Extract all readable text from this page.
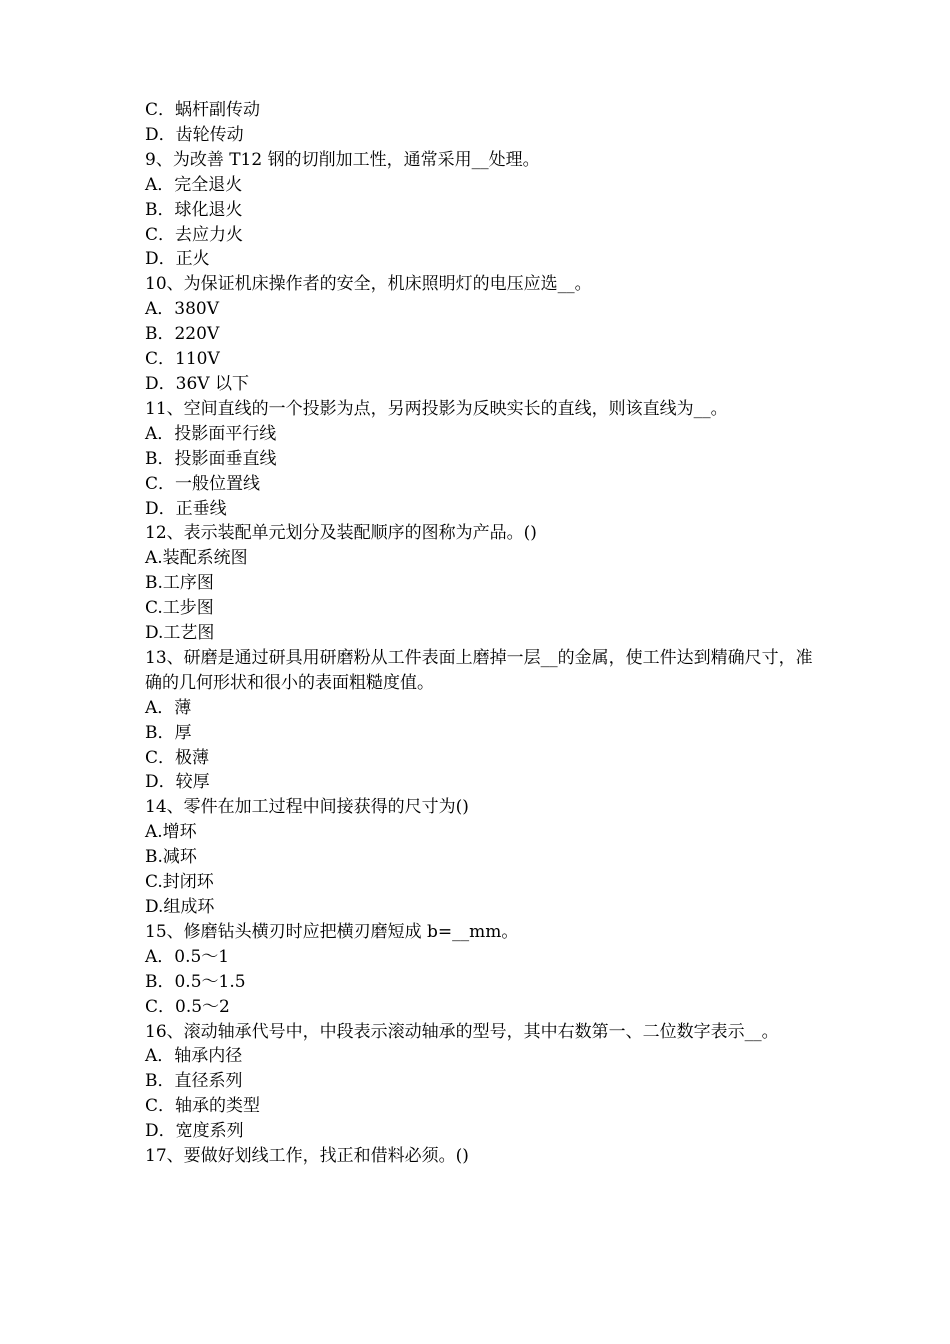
C．蜗杆副传动
D．齿轮传动
9、为改善 T12 钢的切削加工性，通常采用__处理。
A．完全退火
B．球化退火
C．去应力火
D．正火
10、为保证机床操作者的安全，机床照明灯的电压应选__。
A．380V
B．220V
C．110V
D．36V 以下
11、空间直线的一个投影为点，另两投影为反映实长的直线，则该直线为__。
A．投影面平行线
B．投影面垂直线
C．一般位置线
D．正垂线
12、表示装配单元划分及装配顺序的图称为产品。()
A.装配系统图
B.工序图
C.工步图
D.工艺图
13、研磨是通过研具用研磨粉从工件表面上磨掉一层__的金属，使工件达到精确尺寸，准确的几何形状和很小的表面粗糙度值。
A．薄
B．厚
C．极薄
D．较厚
14、零件在加工过程中间接获得的尺寸为()
A.增环
B.减环
C.封闭环
D.组成环
15、修磨钻头横刃时应把横刃磨短成 b=__mm。
A．0.5～1
B．0.5～1.5
C．0.5～2
16、滚动轴承代号中，中段表示滚动轴承的型号，其中右数第一、二位数字表示__。
A．轴承内径
B．直径系列
C．轴承的类型
D．宽度系列
17、要做好划线工作，找正和借料必须。()
